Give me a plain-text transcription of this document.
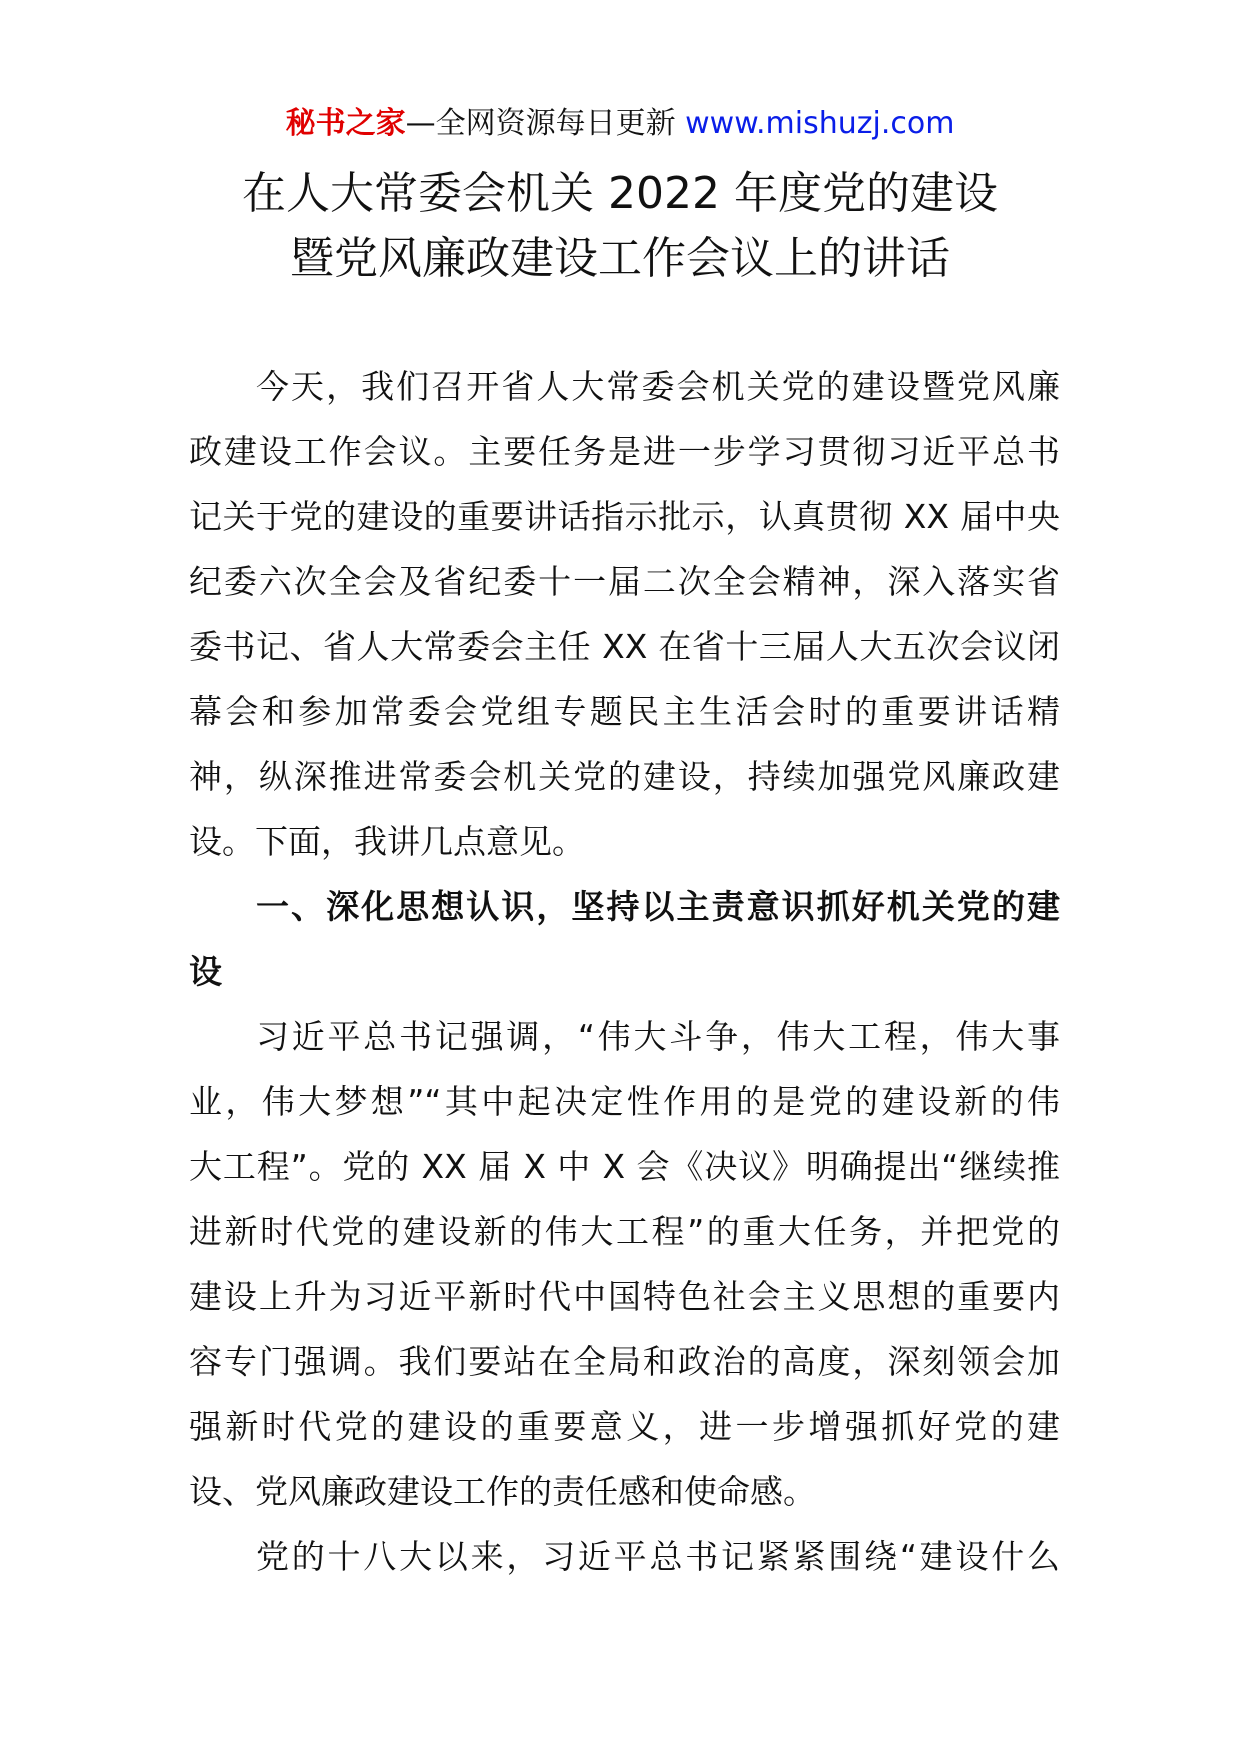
秘书之家—全网资源每日更新 www.mishuzj.com
在人大常委会机关 2022 年度党的建设
暨党风廉政建设工作会议上的讲话
今天，我们召开省人大常委会机关党的建设暨党风廉
政建设工作会议。主要任务是进一步学习贯彻习近平总书
记关于党的建设的重要讲话指示批示，认真贯彻 XX 届中央
纪委六次全会及省纪委十一届二次全会精神，深入落实省
委书记、省人大常委会主任 XX 在省十三届人大五次会议闭
幕会和参加常委会党组专题民主生活会时的重要讲话精
神，纵深推进常委会机关党的建设，持续加强党风廉政建
设。下面，我讲几点意见。
一、深化思想认识，坚持以主责意识抓好机关党的建
设
习近平总书记强调，“伟大斗争，伟大工程，伟大事
业，伟大梦想”“其中起决定性作用的是党的建设新的伟
大工程”。党的 XX 届 X 中 X 会《决议》明确提出“继续推
进新时代党的建设新的伟大工程”的重大任务，并把党的
建设上升为习近平新时代中国特色社会主义思想的重要内
容专门强调。我们要站在全局和政治的高度，深刻领会加
强新时代党的建设的重要意义，进一步增强抓好党的建
设、党风廉政建设工作的责任感和使命感。
党的十八大以来，习近平总书记紧紧围绕“建设什么
